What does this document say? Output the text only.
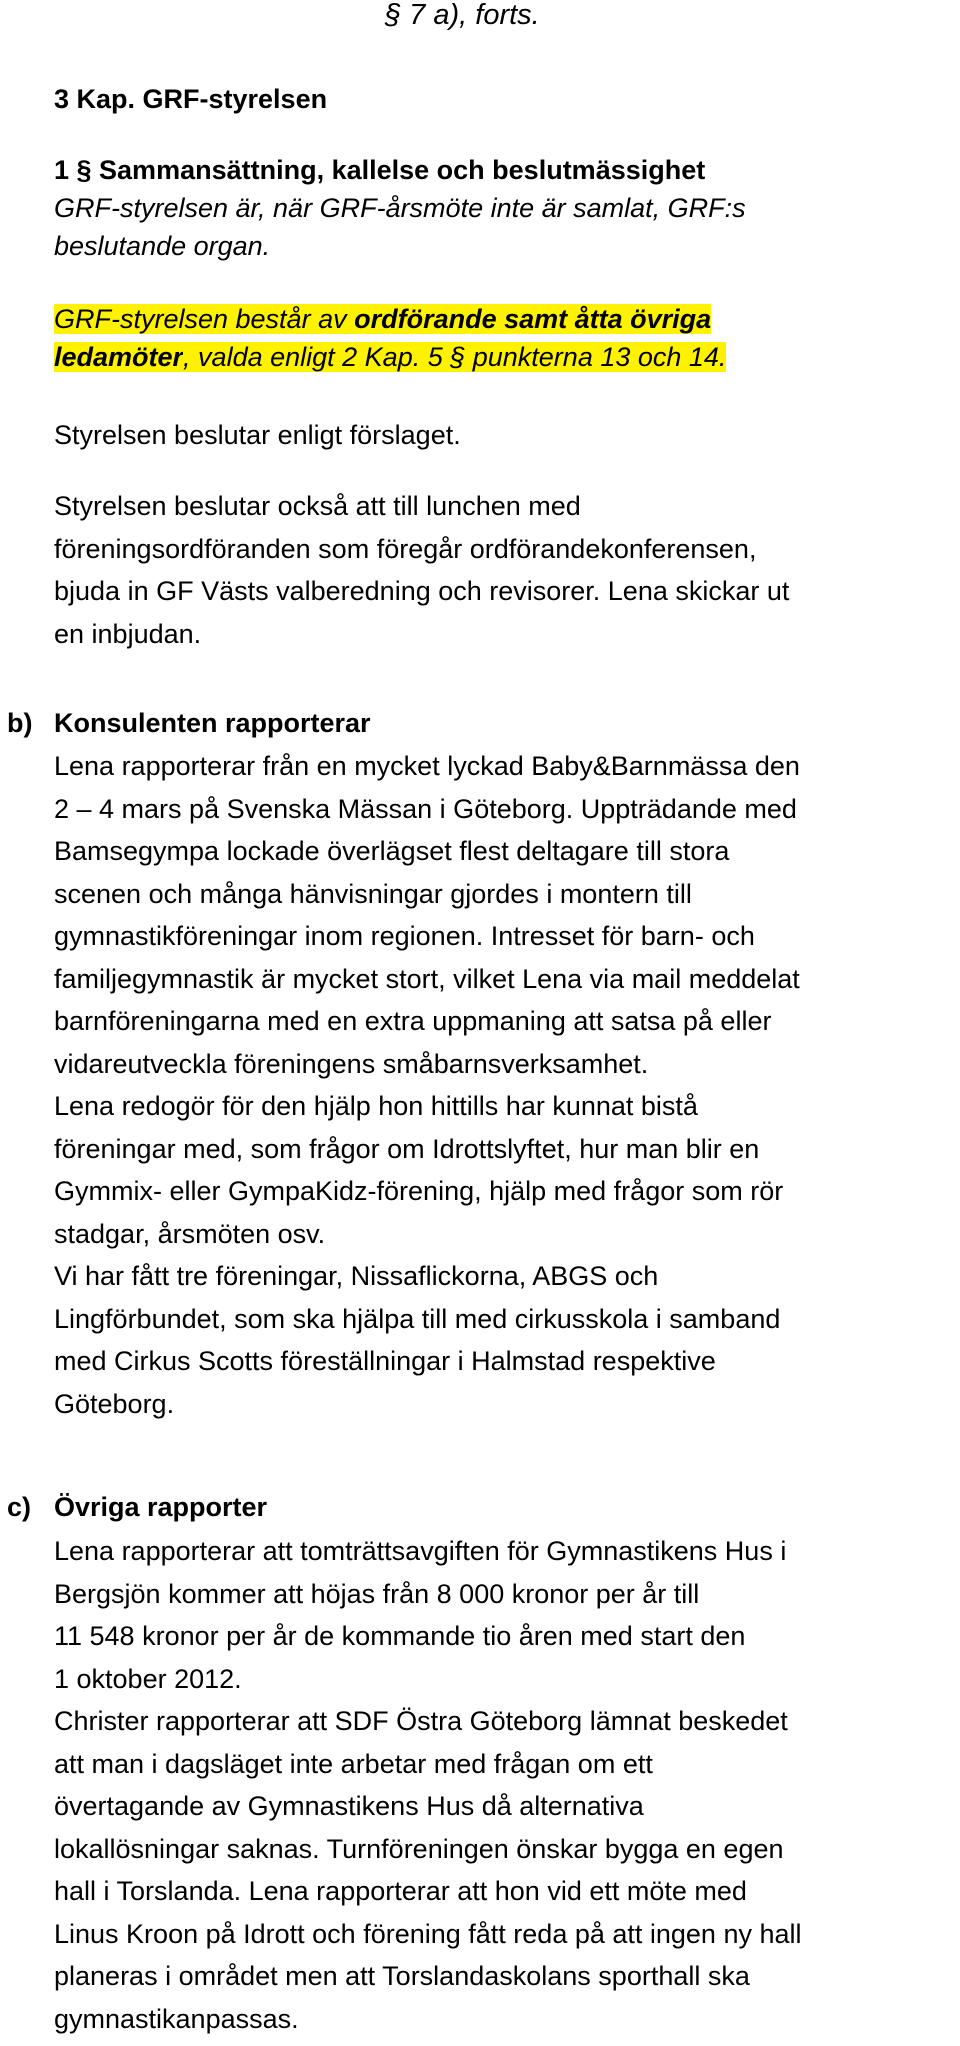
§ 7 a), forts.

3 Kap. GRF-styrelsen

1 § Sammansättning, kallelse och beslutmässighet

GRF-styrelsen är, när GRF-årsmöte inte är samlat, GRF:s
beslutande organ.
GRF-styrelsen består av ordförande samt åtta övriga
ledamöter, valda enligt 2 Kap. 5 § punkterna 13 och 14.

Styrelsen beslutar enligt förslaget.

Styrelsen beslutar också att till lunchen med
föreningsordföranden som föregår ordförandekonferensen,
bjuda in GF Västs valberedning och revisorer. Lena skickar ut
en inbjudan.
b) Konsulenten rapporterar
Lena rapporterar från en mycket lyckad Baby&Barnmässa den
2 – 4 mars på Svenska Mässan i Göteborg. Uppträdande med
Bamsegympa lockade överlägset flest deltagare till stora
scenen och många hänvisningar gjordes i montern till
gymnastikföreningar inom regionen. Intresset för barn- och
familjegymnastik är mycket stort, vilket Lena via mail meddelat
barnföreningarna med en extra uppmaning att satsa på eller
vidareutveckla föreningens småbarnsverksamhet.
Lena redogör för den hjälp hon hittills har kunnat bistå
föreningar med, som frågor om Idrottslyftet, hur man blir en
Gymmix- eller GympaKidz-förening, hjälp med frågor som rör
stadgar, årsmöten osv.
Vi har fått tre föreningar, Nissaflickorna, ABGS och
Lingförbundet, som ska hjälpa till med cirkusskola i samband
med Cirkus Scotts föreställningar i Halmstad respektive
Göteborg.
c) Övriga rapporter
Lena rapporterar att tomträttsavgiften för Gymnastikens Hus i
Bergsjön kommer att höjas från 8 000 kronor per år till
11 548 kronor per år de kommande tio åren med start den
1 oktober 2012.
Christer rapporterar att SDF Östra Göteborg lämnat beskedet
att man i dagsläget inte arbetar med frågan om ett
övertagande av Gymnastikens Hus då alternativa
lokallösningar saknas. Turnföreningen önskar bygga en egen
hall i Torslanda. Lena rapporterar att hon vid ett möte med
Linus Kroon på Idrott och förening fått reda på att ingen ny hall
planeras i området men att Torslandaskolans sporthall ska
gymnastikanpassas.
